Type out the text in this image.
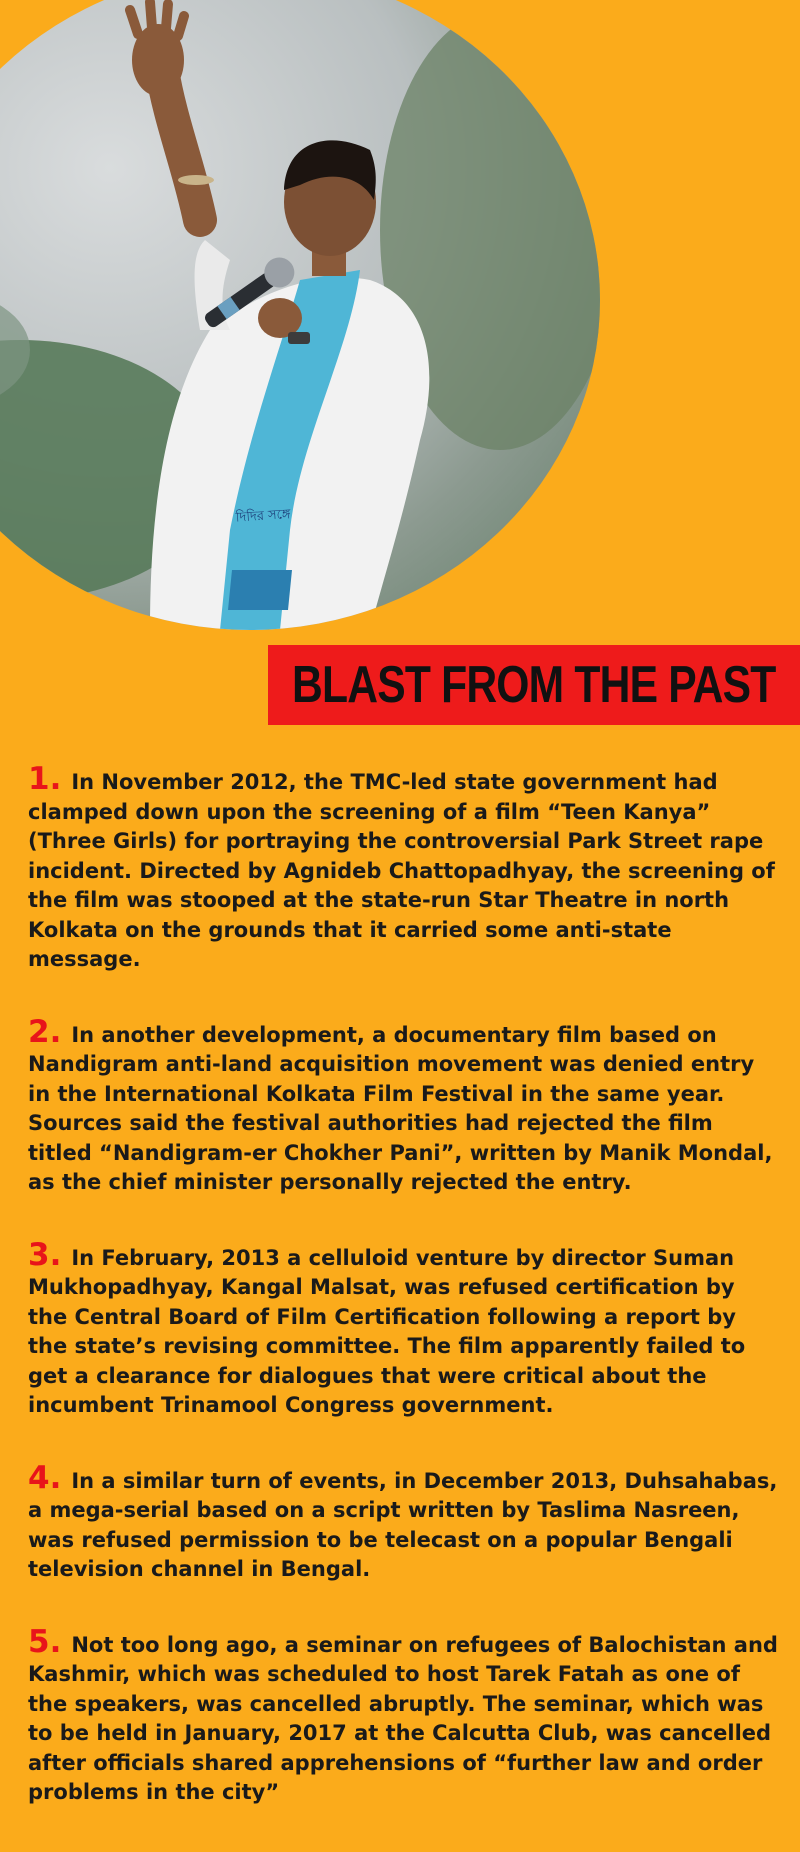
দিদির সঙ্গে
BLAST FROM THE PAST

1. In November 2012, the TMC-led state government had clamped down upon the screening of a film “Teen Kanya” (Three Girls) for portraying the controversial Park Street rape incident. Directed by Agnideb Chattopadhyay, the screening of the film was stooped at the state-run Star Theatre in north Kolkata on the grounds that it carried some anti-state message.

2. In another development, a documentary film based on Nandigram anti-land acquisition movement was denied entry in the International Kolkata Film Festival in the same year. Sources said the festival authorities had rejected the film titled “Nandigram-er Chokher Pani”, written by Manik Mondal, as the chief minister personally rejected the entry.

3. In February, 2013 a celluloid venture by director Suman Mukhopadhyay, Kangal Malsat, was refused certification by the Central Board of Film Certification following a report by the state’s revising committee. The film apparently failed to get a clearance for dialogues that were critical about the incumbent Trinamool Congress government.

4. In a similar turn of events, in December 2013, Duhsahabas, a mega-serial based on a script written by Taslima Nasreen, was refused permission to be telecast on a popular Bengali television channel in Bengal.

5. Not too long ago, a seminar on refugees of Balochistan and Kashmir, which was scheduled to host Tarek Fatah as one of the speakers, was cancelled abruptly. The seminar, which was to be held in January, 2017 at the Calcutta Club, was cancelled after officials shared apprehensions of “further law and order problems in the city”
